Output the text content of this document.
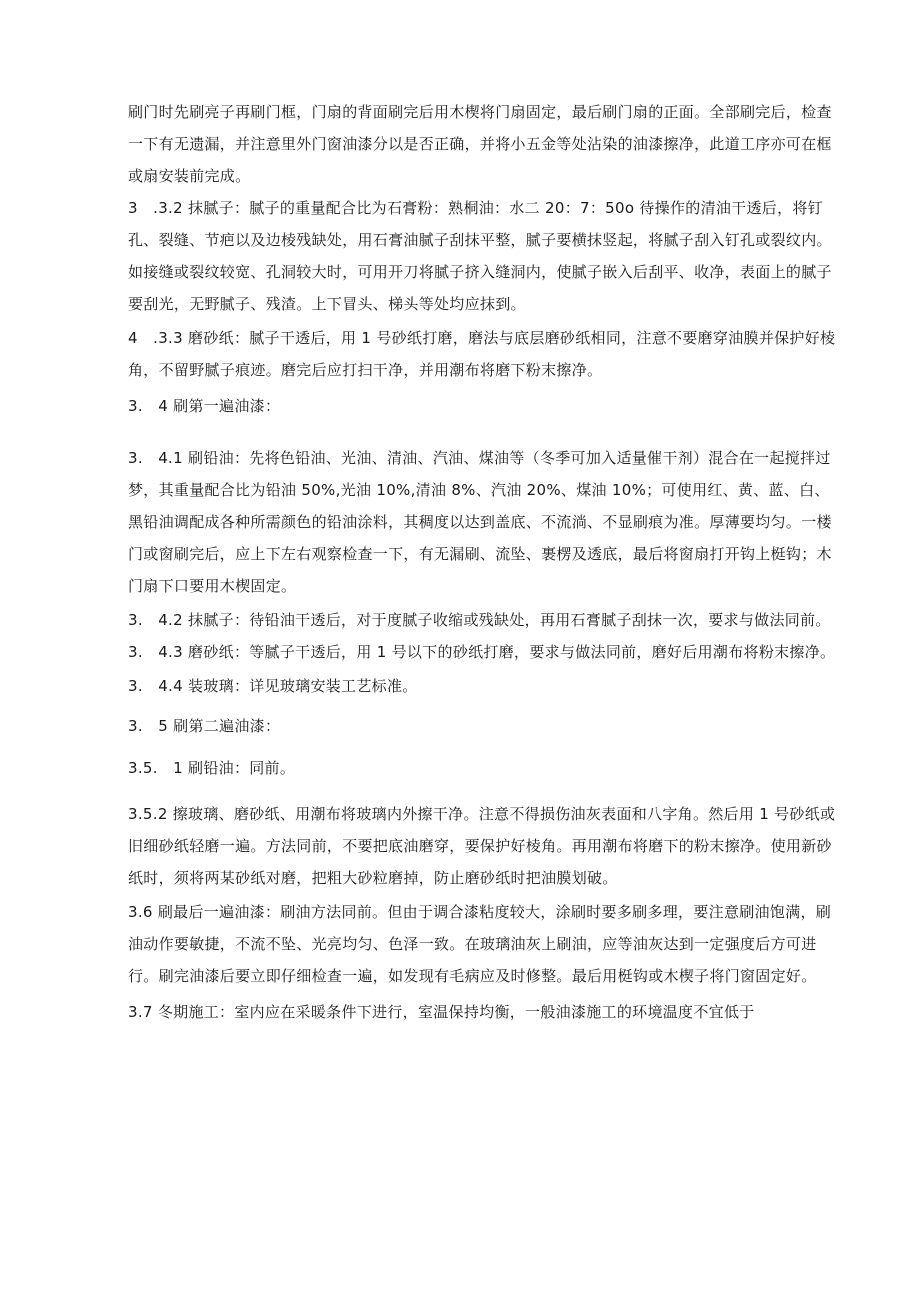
刷门时先刷亮子再刷门框，门扇的背面刷完后用木楔将门扇固定，最后刷门扇的正面。全部刷完后，检查一下有无遗漏，并注意里外门窗油漆分以是否正确，并将小五金等处沾染的油漆擦净，此道工序亦可在框或扇安装前完成。

3　.3.2 抹腻子：腻子的重量配合比为石膏粉：熟桐油：水二 20：7：50o 待操作的清油干透后，将钉孔、裂缝、节疤以及边棱残缺处，用石膏油腻子刮抹平整，腻子要横抹竖起，将腻子刮入钉孔或裂纹内。如接缝或裂纹较宽、孔洞较大时，可用开刀将腻子挤入缝洞内，使腻子嵌入后刮平、收净，表面上的腻子要刮光，无野腻子、残渣。上下冒头、梯头等处均应抹到。

4　.3.3 磨砂纸：腻子干透后，用 1 号砂纸打磨，磨法与底层磨砂纸相同，注意不要磨穿油膜并保护好棱角，不留野腻子痕迹。磨完后应打扫干净，并用潮布将磨下粉末擦净。

3.　4 刷第一遍油漆：

3.　4.1 刷铅油：先将色铅油、光油、清油、汽油、煤油等（冬季可加入适量催干剂）混合在一起搅拌过梦，其重量配合比为铅油 50%,光油 10%,清油 8%、汽油 20%、煤油 10%；可使用红、黄、蓝、白、黑铅油调配成各种所需颜色的铅油涂料，其稠度以达到盖底、不流淌、不显刷痕为准。厚薄要均匀。一楼门或窗刷完后，应上下左右观察检查一下，有无漏刷、流坠、裹楞及透底，最后将窗扇打开钩上梃钩；木门扇下口要用木楔固定。

3.　4.2 抹腻子：待铅油干透后，对于度腻子收缩或残缺处，再用石膏腻子刮抹一次，要求与做法同前。

3.　4.3 磨砂纸：等腻子干透后，用 1 号以下的砂纸打磨，要求与做法同前，磨好后用潮布将粉末擦净。

3.　4.4 装玻璃：详见玻璃安装工艺标准。

3.　5 刷第二遍油漆：

3.5.　1 刷铅油：同前。

3.5.2 擦玻璃、磨砂纸、用潮布将玻璃内外擦干净。注意不得损伤油灰表面和八字角。然后用 1 号砂纸或旧细砂纸轻磨一遍。方法同前，不要把底油磨穿，要保护好棱角。再用潮布将磨下的粉末擦净。使用新砂纸时，须将两某砂纸对磨，把粗大砂粒磨掉，防止磨砂纸时把油膜划破。

3.6 刷最后一遍油漆：刷油方法同前。但由于调合漆粘度较大，涂刷时要多刷多理，要注意刷油饱满，刷油动作要敏捷，不流不坠、光亮均匀、色泽一致。在玻璃油灰上刷油，应等油灰达到一定强度后方可进行。刷完油漆后要立即仔细检查一遍，如发现有毛病应及时修整。最后用梃钩或木楔子将门窗固定好。

3.7 冬期施工：室内应在采暖条件下进行，室温保持均衡，一般油漆施工的环境温度不宜低于
